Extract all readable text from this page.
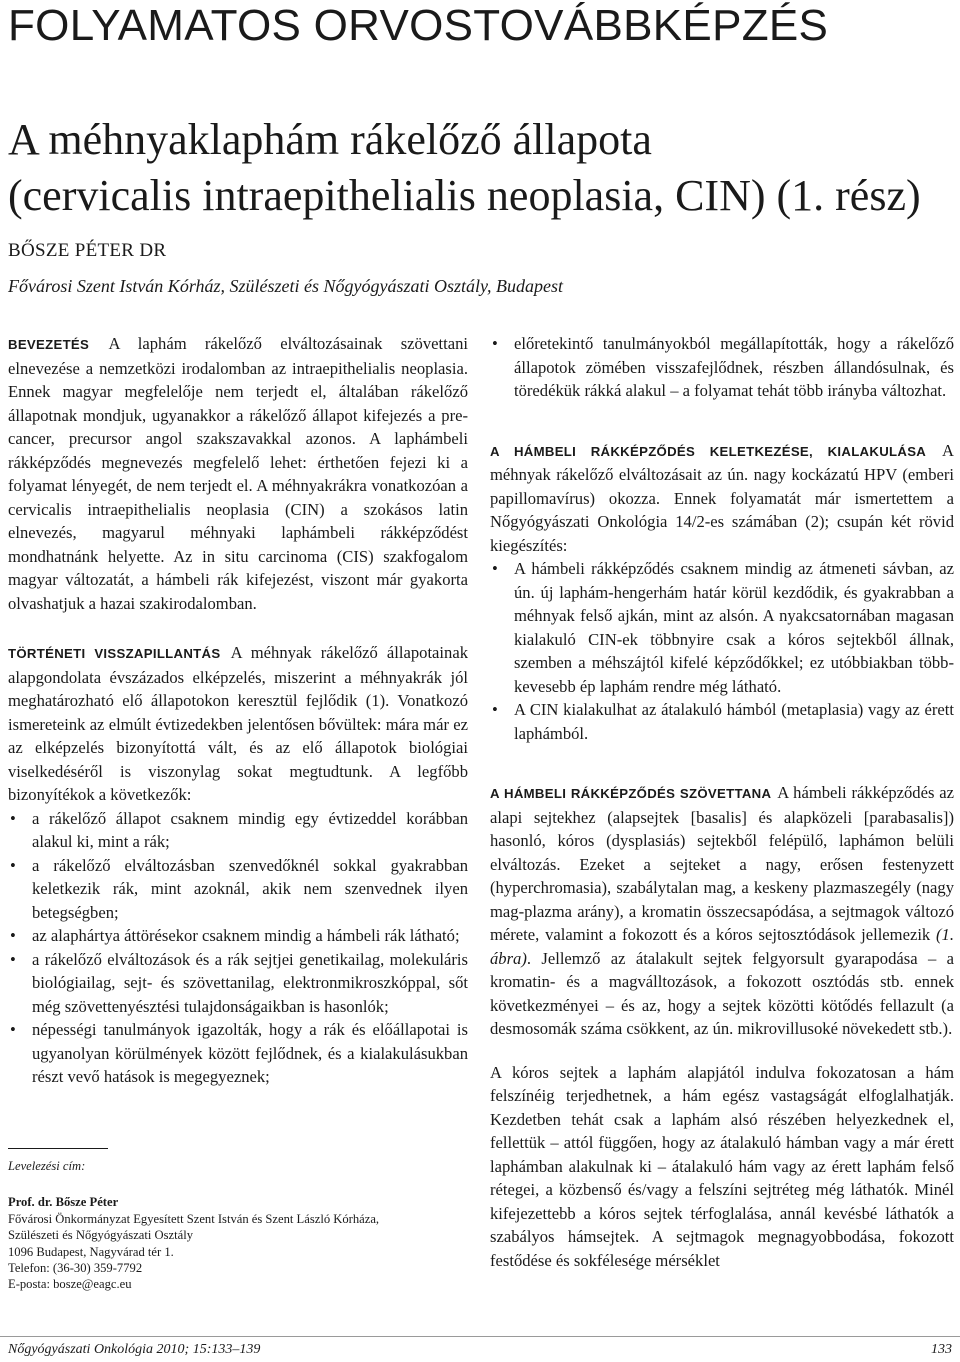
FOLYAMATOS ORVOSTOVÁBBKÉPZÉS
A méhnyaklaphám rákelőző állapota
(cervicalis intraepithelialis neoplasia, CIN) (1. rész)
BŐSZE PÉTER DR
Fővárosi Szent István Kórház, Szülészeti és Nőgyógyászati Osztály, Budapest

BEVEZETÉS A laphám rákelőző elváltozásainak szövettani elnevezése a nemzetközi irodalomban az intraepithelialis neoplasia. Ennek magyar megfelelője nem terjedt el, általában rákelőző állapotnak mondjuk, ugyanakkor a rákelőző állapot kifejezés a pre-cancer, precursor angol szakszavakkal azonos. A laphámbeli rákképződés megnevezés megfelelő lehet: érthetően fejezi ki a folyamat lényegét, de nem terjedt el. A méhnyakrákra vonatkozóan a cervicalis intraepithelialis neoplasia (CIN) a szokásos latin elnevezés, magyarul méhnyaki laphámbeli rákképződést mondhatnánk helyette. Az in situ carcinoma (CIS) szakfogalom magyar változatát, a hámbeli rák kifejezést, viszont már gyakorta olvashatjuk a hazai szakirodalomban.

TÖRTÉNETI VISSZAPILLANTÁS A méhnyak rákelőző állapotainak alapgondolata évszázados elképzelés, miszerint a méhnyakrák jól meghatározható elő állapotokon keresztül fejlődik (1). Vonatkozó ismereteink az elmúlt évtizedekben jelentősen bővültek: mára már ez az elképzelés bizonyítottá vált, és az elő állapotok biológiai viselkedéséről is viszonylag sokat megtudtunk. A legfőbb bizonyítékok a következők:

• a rákelőző állapot csaknem mindig egy évtizeddel korábban alakul ki, mint a rák;
• a rákelőző elváltozásban szenvedőknél sokkal gyakrabban keletkezik rák, mint azoknál, akik nem szenvednek ilyen betegségben;
• az alaphártya áttörésekor csaknem mindig a hámbeli rák látható;
• a rákelőző elváltozások és a rák sejtjei genetikailag, molekuláris biológiailag, sejt- és szövettanilag, elektronmikroszkóppal, sőt még szövettenyésztési tulajdonságaikban is hasonlók;
• népességi tanulmányok igazolták, hogy a rák és előállapotai is ugyanolyan körülmények között fejlődnek, és a kialakulásukban részt vevő hatások is megegyeznek;
• előretekintő tanulmányokból megállapították, hogy a rákelőző állapotok zömében visszafejlődnek, részben állandósulnak, és töredékük rákká alakul – a folyamat tehát több irányba változhat.

A HÁMBELI RÁKKÉPZŐDÉS KELETKEZÉSE, KIALAKULÁSA A méhnyak rákelőző elváltozásait az ún. nagy kockázatú HPV (emberi papillomavírus) okozza. Ennek folyamatát már ismertettem a Nőgyógyászati Onkológia 14/2-es számában (2); csupán két rövid kiegészítés:

• A hámbeli rákképződés csaknem mindig az átmeneti sávban, az ún. új laphám-hengerhám határ körül kezdődik, és gyakrabban a méhnyak felső ajkán, mint az alsón. A nyakcsatornában magasan kialakuló CIN-ek többnyire csak a kóros sejtekből állnak, szemben a méhszájtól kifelé képződőkkel; ez utóbbiakban több-kevesebb ép laphám rendre még látható.
• A CIN kialakulhat az átalakuló hámból (metaplasia) vagy az érett laphámból.

A HÁMBELI RÁKKÉPZŐDÉS SZÖVETTANA A hámbeli rákképződés az alapi sejtekhez (alapsejtek [basalis] és alapközeli [parabasalis]) hasonló, kóros (dysplasiás) sejtekből felépülő, laphámon belüli elváltozás. Ezeket a sejteket a nagy, erősen festenyzett (hyperchromasia), szabálytalan mag, a keskeny plazmaszegély (nagy mag-plazma arány), a kromatin összecsapódása, a sejtmagok változó mérete, valamint a fokozott és a kóros sejtosztódások jellemezik (1. ábra). Jellemző az átalakult sejtek felgyorsult gyarapodása – a kromatin- és a magválltozások, a fokozott osztódás stb. ennek következményei – és az, hogy a sejtek közötti kötődés fellazult (a desmosomák száma csökkent, az ún. mikrovillusoké növekedett stb.).

A kóros sejtek a laphám alapjától indulva fokozatosan a hám felszínéig terjedhetnek, a hám egész vastagságát elfoglalhatják. Kezdetben tehát csak a laphám alsó részében helyezkednek el, fellettük – attól függően, hogy az átalakuló hámban vagy a már érett laphámban alakulnak ki – átalakuló hám vagy az érett laphám felső rétegei, a közbenső és/vagy a felszíni sejtréteg még láthatók. Minél kifejezettebb a kóros sejtek térfoglalása, annál kevésbé láthatók a szabályos hámsejtek. A sejtmagok megnagyobbodása, fokozott festődése és sokfélesége mérséklet

Levelezési cím:
Prof. dr. Bősze Péter
Fővárosi Önkormányzat Egyesített Szent István és Szent László Kórháza,
Szülészeti és Nőgyógyászati Osztály
1096 Budapest, Nagyvárad tér 1.
Telefon: (36-30) 359-7792
E-posta: bosze@eagc.eu
Nőgyógyászati Onkológia 2010; 15:133–139	133
